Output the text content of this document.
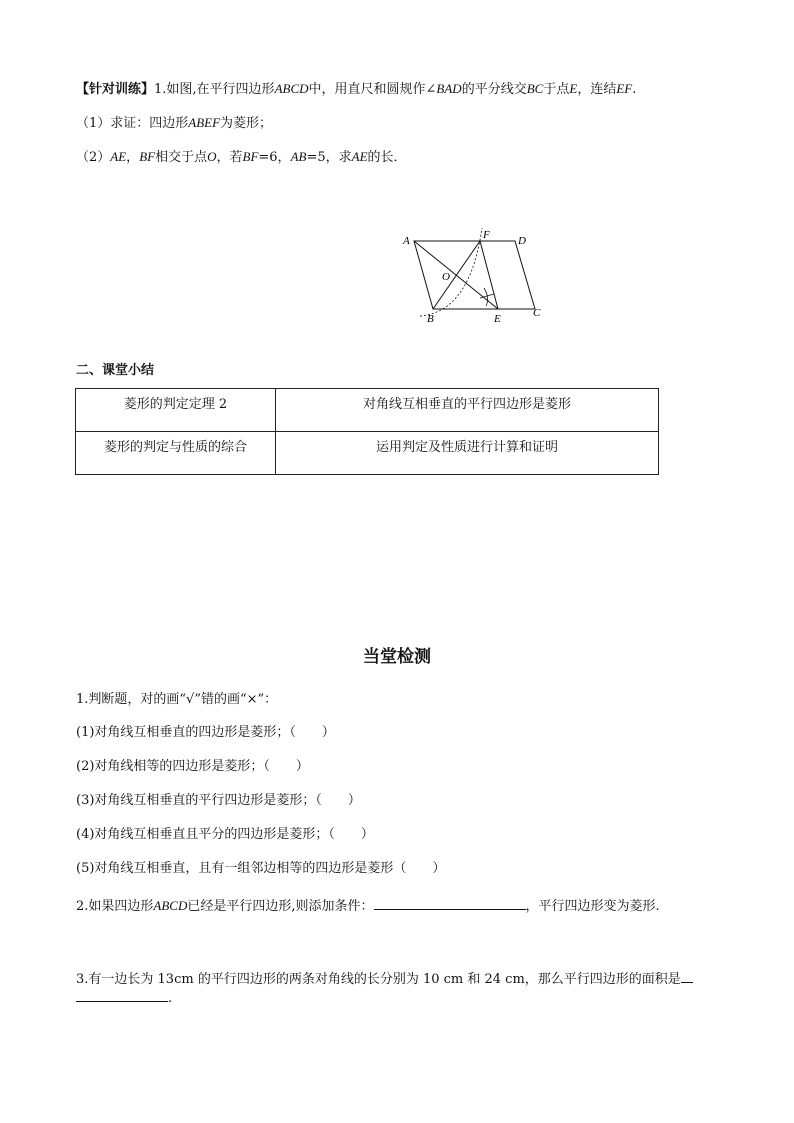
【针对训练】1.如图,在平行四边形ABCD中，用直尺和圆规作∠BAD的平分线交BC于点E，连结EF.
（1）求证：四边形ABEF为菱形；
（2）AE，BF相交于点O，若BF=6，AB=5，求AE的长．
A	F	D
O
B	E	C
二、课堂小结
菱形的判定定理 2	对角线互相垂直的平行四边形是菱形
菱形的判定与性质的综合	运用判定及性质进行计算和证明
当堂检测
1.判断题，对的画“√”错的画“×”：
(1)对角线互相垂直的四边形是菱形；（　　）
(2)对角线相等的四边形是菱形；（　　）
(3)对角线互相垂直的平行四边形是菱形；（　　）
(4)对角线互相垂直且平分的四边形是菱形；（　　）
(5)对角线互相垂直，且有一组邻边相等的四边形是菱形（　　）
2.如果四边形ABCD已经是平行四边形,则添加条件：	，平行四边形变为菱形.
3.有一边长为 13cm 的平行四边形的两条对角线的长分别为 10 cm 和 24 cm，那么平行四边形的面积是
.
